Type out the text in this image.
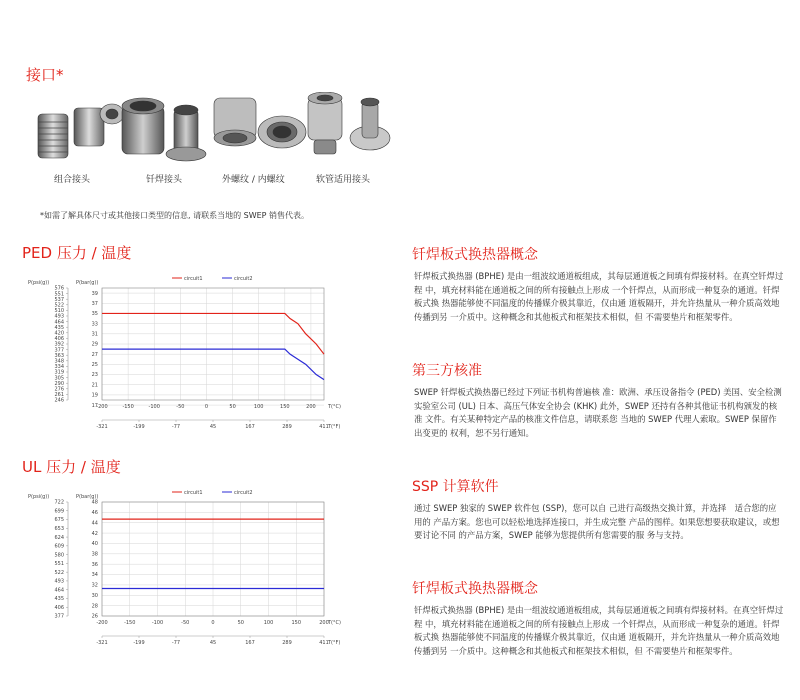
接口*
组合接头	钎焊接头	外螺纹 / 内螺纹	软管适用接头
*如需了解具体尺寸或其他接口类型的信息, 请联系当地的 SWEP 销售代表。
PED 压力 / 温度
circuit1	circuit2
P(psi(g))	P(bar(g))
576
551
537
522
510
493
464
435
420
406
392
377
363
348
334
319
305
290
276
261
246
39
37
35
33
31
29
27
25
23
21
19
17
-200	-150	-100	-50	0	50	100	150	200 T(°C)
-321	-199	-77	45	167	289	411 T(°F)
UL 压力 / 温度
circuit1	circuit2
P(psi(g))	P(bar(g))
722
699
675
653
624
609
580
551
522
493
464
435
406
377
48
46
44
42
40
38
36
34
32
30
28
26
-200	-150	-100	-50	0	50	100	150	200 T(°C)
-321	-199	-77	45	167	289	411 T(°F)
钎焊板式换热器概念

钎焊板式换热器 (BPHE) 是由一组波纹通道板组成，其每层通道板之间填有焊接材料。在真空钎焊过程 中，填充材料能在通道板之间的所有接触点上形成 一个钎焊点，从而形成一种复杂的通道。钎焊板式换 热器能够使不同温度的传播媒介极其靠近，仅由通 道板隔开，并允许热量从一种介质高效地传播到另 一介质中。这种概念和其他板式和框架技术相似，但 不需要垫片和框架零件。

第三方核准

SWEP 钎焊板式换热器已经过下列证书机构普遍核 准：欧洲、承压设备指令 (PED) 美国、安全检测实验室公司 (UL) 日本、高压气体安全协会 (KHK) 此外，SWEP 还持有各种其他证书机构颁发的核准 文件。有关某种特定产品的核准文件信息，请联系您 当地的 SWEP 代理人索取。SWEP 保留作出变更的 权利，恕不另行通知。

SSP 计算软件

通过 SWEP 独家的 SWEP 软件包 (SSP)，您可以自 己进行高级热交换计算，并选择　适合您的应用的 产品方案。您也可以轻松地选择连接口，并生成完整 产品的图样。如果您想要获取建议，或想要讨论不同 的产品方案，SWEP 能够为您提供所有您需要的服 务与支持。

钎焊板式换热器概念

钎焊板式换热器 (BPHE) 是由一组波纹通道板组成，其每层通道板之间填有焊接材料。在真空钎焊过程 中，填充材料能在通道板之间的所有接触点上形成 一个钎焊点，从而形成一种复杂的通道。钎焊板式换 热器能够使不同温度的传播媒介极其靠近，仅由通 道板隔开，并允许热量从一种介质高效地传播到另 一介质中。这种概念和其他板式和框架技术相似，但 不需要垫片和框架零件。
